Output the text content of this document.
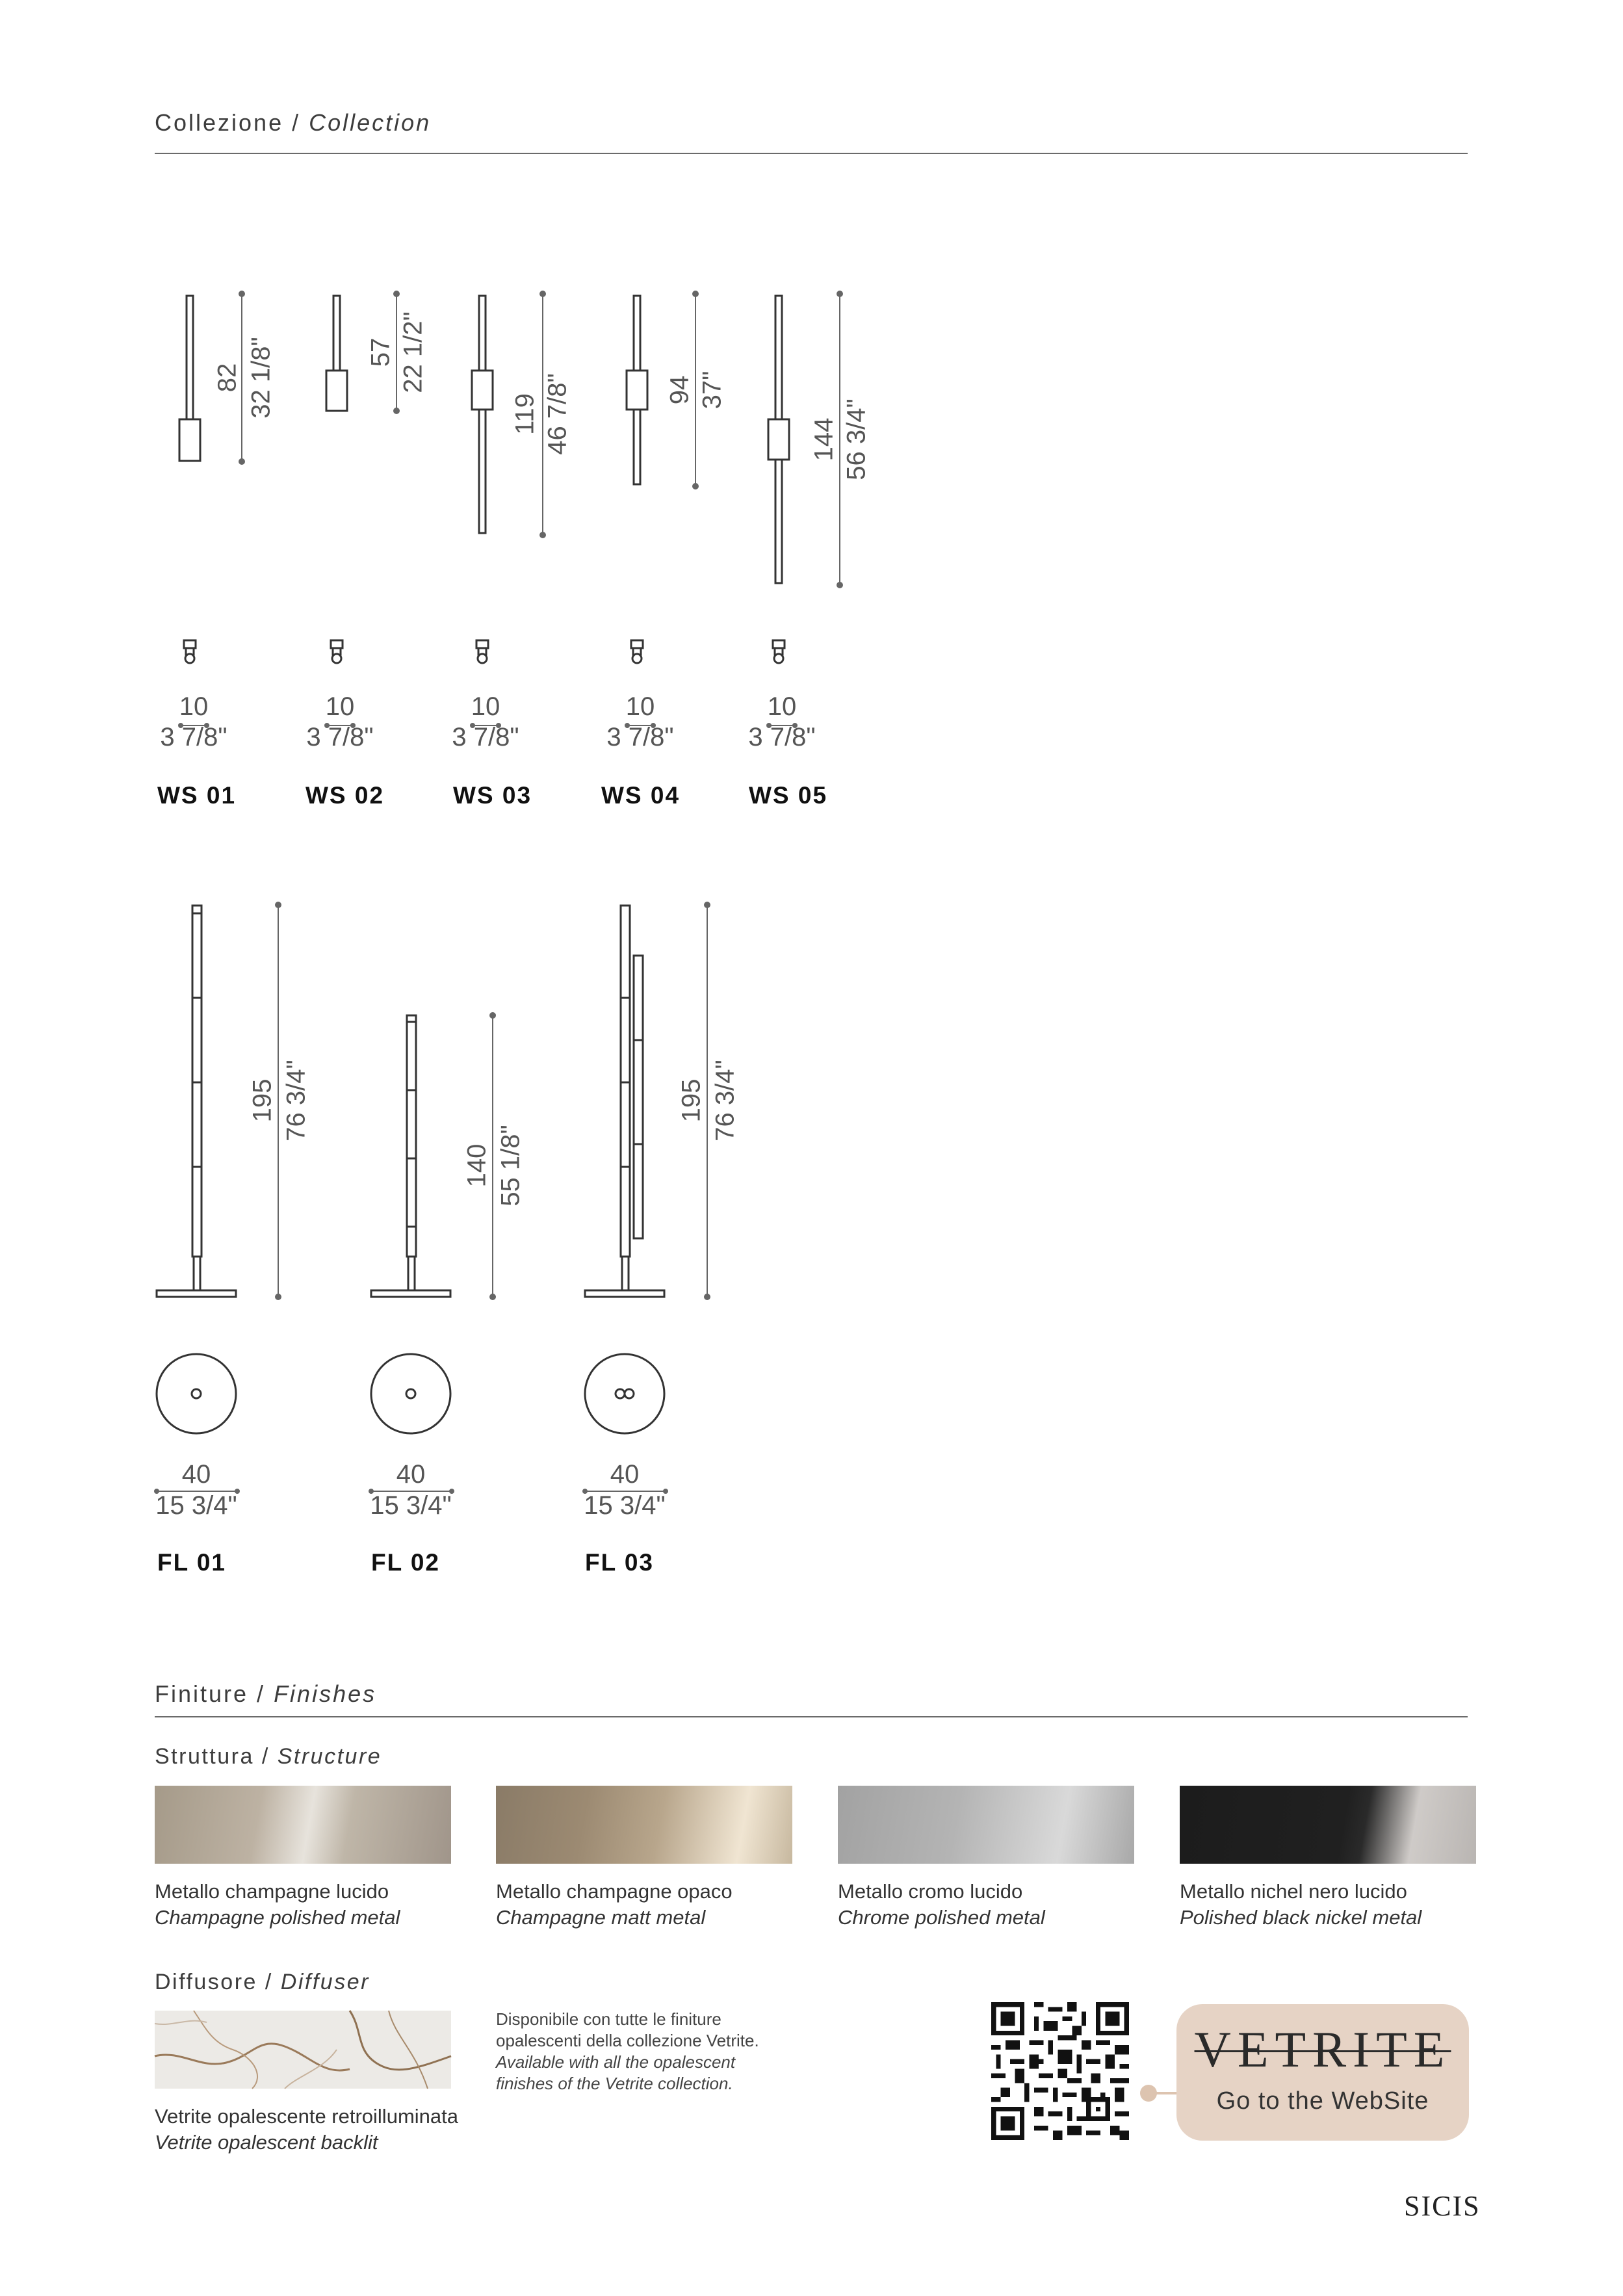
Collezione / Collection
82 32 1/8"	57 22 1/2"
119 46 7/8"	94 37"
144 56 3/4"
10
3 7/8"
10
3 7/8"
10
3 7/8"
10
3 7/8"
10
3 7/8"
WS 01	WS 02	WS 03	WS 04	WS 05
195 76 3/4"
140 55 1/8"
195 76 3/4"
40
15 3/4"
40
15 3/4"
40
15 3/4"
FL 01	FL 02	FL 03
Finiture / Finishes
Struttura / Structure
Metallo champagne lucido
Champagne polished metal
Metallo champagne opaco
Champagne matt metal
Metallo cromo lucido
Chrome polished metal
Metallo nichel nero lucido
Polished black nickel metal
Diffusore / Diffuser
Vetrite opalescente retroilluminata
Vetrite opalescent backlit
Disponibile con tutte le finiture
opalescenti della collezione Vetrite.
Available with all the opalescent
finishes of the Vetrite collection.
VETRITE
Go to the WebSite
SICIS
